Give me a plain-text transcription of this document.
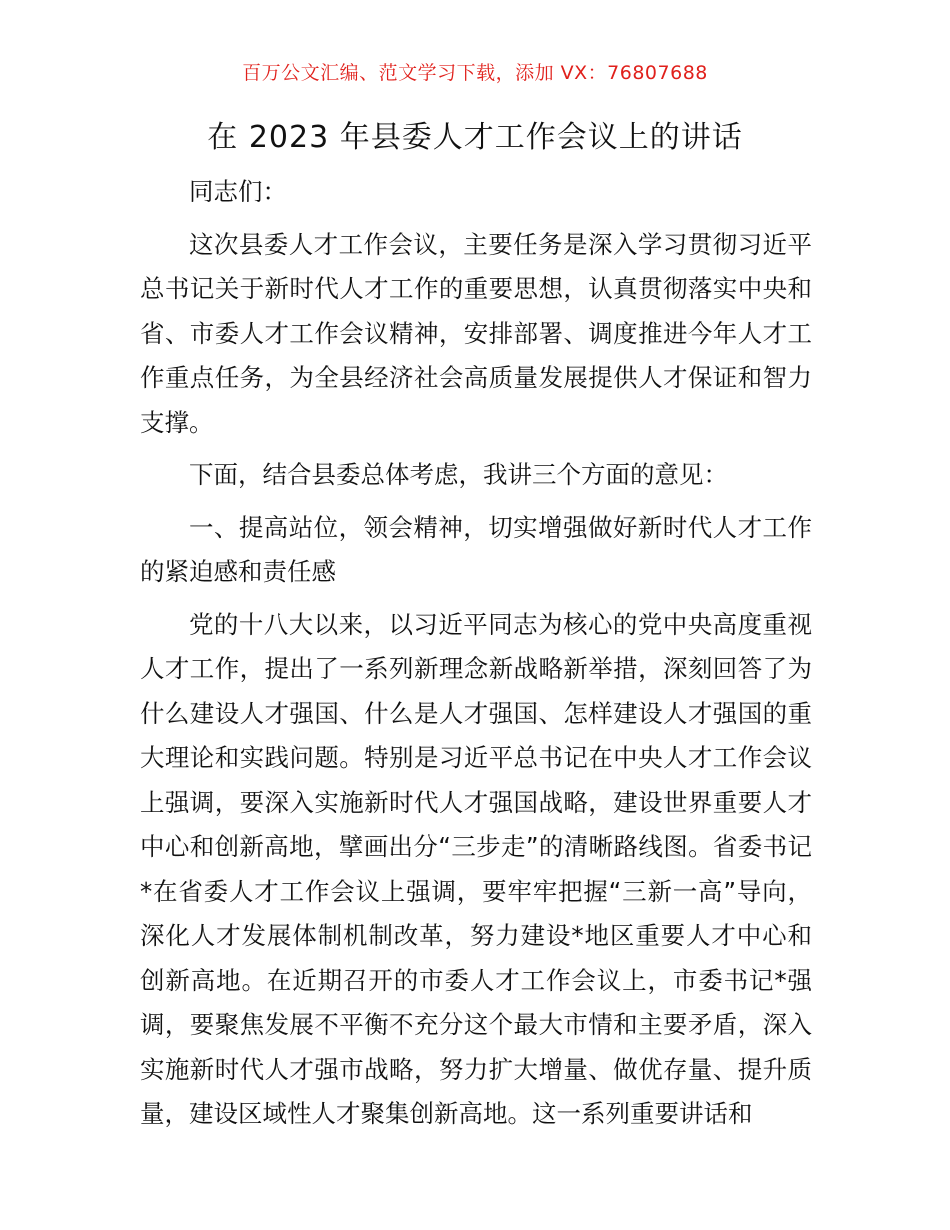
百万公文汇编、范文学习下载，添加 VX：76807688
在 2023 年县委人才工作会议上的讲话

同志们：

这次县委人才工作会议，主要任务是深入学习贯彻习近平总书记关于新时代人才工作的重要思想，认真贯彻落实中央和省、市委人才工作会议精神，安排部署、调度推进今年人才工作重点任务，为全县经济社会高质量发展提供人才保证和智力支撑。

下面，结合县委总体考虑，我讲三个方面的意见：

一、提高站位，领会精神，切实增强做好新时代人才工作的紧迫感和责任感

党的十八大以来，以习近平同志为核心的党中央高度重视人才工作，提出了一系列新理念新战略新举措，深刻回答了为什么建设人才强国、什么是人才强国、怎样建设人才强国的重大理论和实践问题。特别是习近平总书记在中央人才工作会议上强调，要深入实施新时代人才强国战略，建设世界重要人才中心和创新高地，擘画出分“三步走”的清晰路线图。省委书记*在省委人才工作会议上强调，要牢牢把握“三新一高”导向，深化人才发展体制机制改革，努力建设*地区重要人才中心和创新高地。在近期召开的市委人才工作会议上，市委书记*强调，要聚焦发展不平衡不充分这个最大市情和主要矛盾，深入实施新时代人才强市战略，努力扩大增量、做优存量、提升质量，建设区域性人才聚集创新高地。这一系列重要讲话和
